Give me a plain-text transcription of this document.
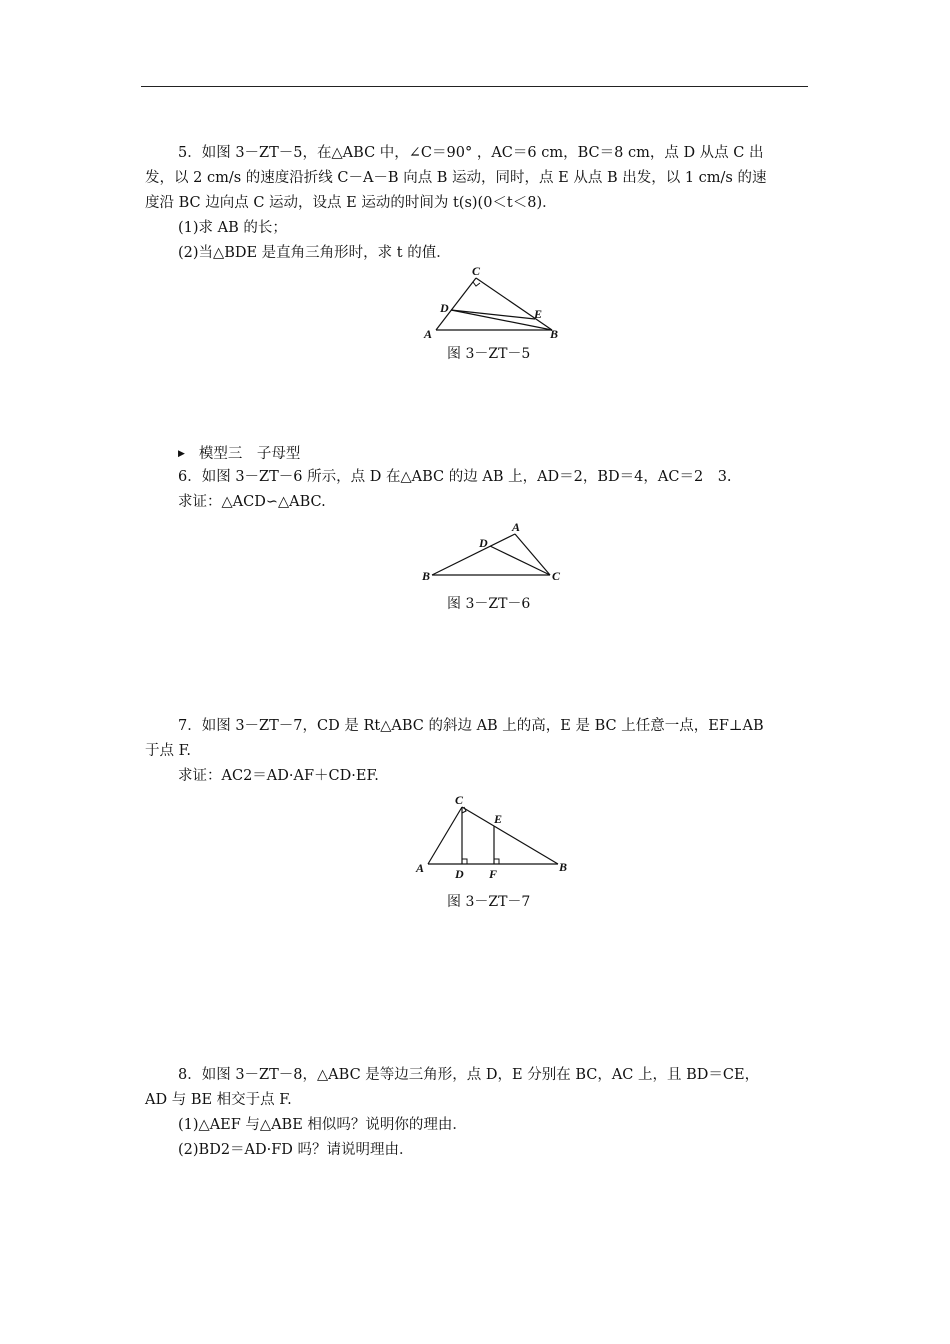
5．如图 3－ZT－5，在△ABC 中，∠C＝90° ，AC＝6 cm，BC＝8 cm，点 D 从点 C 出
发，以 2 cm/s 的速度沿折线 C－A－B 向点 B 运动，同时，点 E 从点 B 出发，以 1 cm/s 的速
度沿 BC 边向点 C 运动，设点 E 运动的时间为 t(s)(0＜t＜8)．
(1)求 AB 的长；
(2)当△BDE 是直角三角形时，求 t 的值．
C
D	E
A	B
图 3－ZT－5
▶ 模型三　子母型
6．如图 3－ZT－6 所示，点 D 在△ABC 的边 AB 上，AD＝2，BD＝4，AC＝2　3.
求证：△ACD∽△ABC.
A
D
B	C
图 3－ZT－6
7．如图 3－ZT－7，CD 是 Rt△ABC 的斜边 AB 上的高，E 是 BC 上任意一点，EF⊥AB
于点 F.
求证：AC2＝AD·AF＋CD·EF.
C
E
A	D F	B
图 3－ZT－7
8．如图 3－ZT－8，△ABC 是等边三角形，点 D，E 分别在 BC，AC 上，且 BD＝CE，
AD 与 BE 相交于点 F.
(1)△AEF 与△ABE 相似吗？说明你的理由．
(2)BD2＝AD·FD 吗？请说明理由．
